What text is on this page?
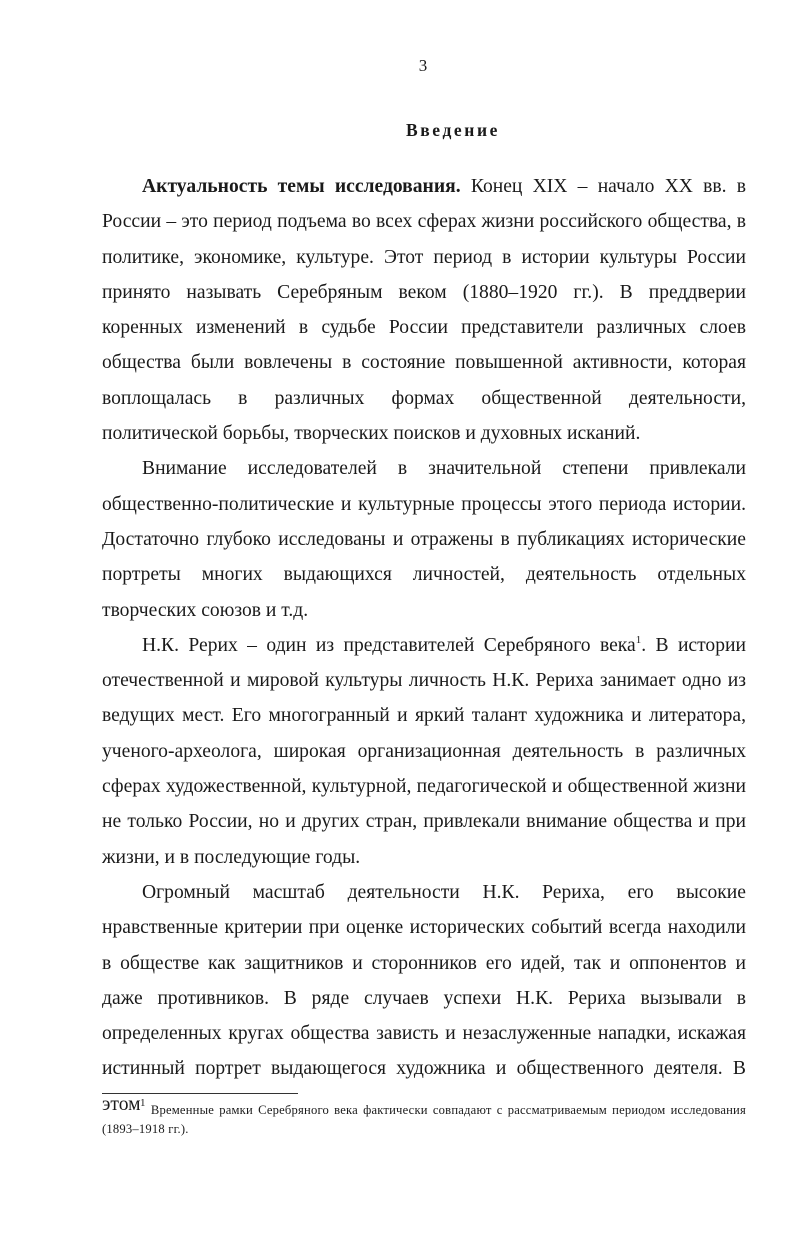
3
Введение

Актуальность темы исследования. Конец XIX – начало XX вв. в России – это период подъема во всех сферах жизни российского общества, в политике, экономике, культуре. Этот период в истории культуры России принято называть Серебряным веком (1880–1920 гг.). В преддверии коренных изменений в судьбе России представители различных слоев общества были вовлечены в состояние повышенной активности, которая воплощалась в различных формах общественной деятельности, политической борьбы, творческих поисков и духовных исканий.

Внимание исследователей в значительной степени привлекали общественно-политические и культурные процессы этого периода истории. Достаточно глубоко исследованы и отражены в публикациях исторические портреты многих выдающихся личностей, деятельность отдельных творческих союзов и т.д.

Н.К. Рерих – один из представителей Серебряного века$^1$. В истории отечественной и мировой культуры личность Н.К. Рериха занимает одно из ведущих мест. Его многогранный и яркий талант художника и литератора, ученого-археолога, широкая организационная деятельность в различных сферах художественной, культурной, педагогической и общественной жизни не только России, но и других стран, привлекали внимание общества и при жизни, и в последующие годы.

Огромный масштаб деятельности Н.К. Рериха, его высокие нравственные критерии при оценке исторических событий всегда находили в обществе как защитников и сторонников его идей, так и оппонентов и даже противников. В ряде случаев успехи Н.К. Рериха вызывали в определенных кругах общества зависть и незаслуженные нападки, искажая истинный портрет выдающегося художника и общественного деятеля. В этом $^1$ Временные рамки Серебряного века фактически совпадают с рассматриваемым периодом исследования (1893–1918 гг.).
